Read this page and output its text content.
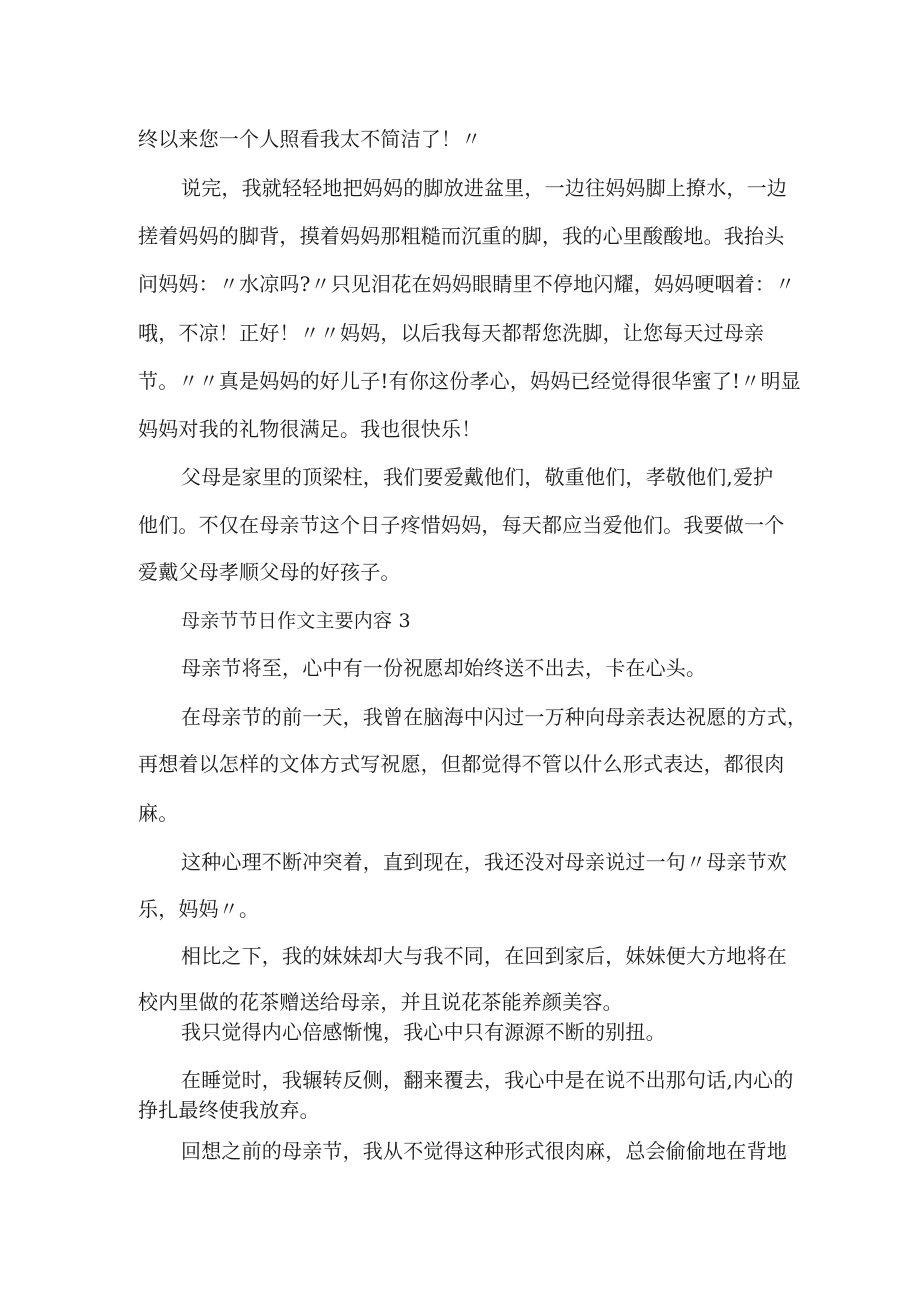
终以来您一个人照看我太不简洁了！〃
说完，我就轻轻地把妈妈的脚放进盆里，一边往妈妈脚上撩水，一边
搓着妈妈的脚背，摸着妈妈那粗糙而沉重的脚，我的心里酸酸地。我抬头
问妈妈：〃水凉吗?〃只见泪花在妈妈眼睛里不停地闪耀，妈妈哽咽着：〃
哦，不凉！正好！〃〃妈妈，以后我每天都帮您洗脚，让您每天过母亲
节。〃〃真是妈妈的好儿子!有你这份孝心，妈妈已经觉得很华蜜了!〃明显
妈妈对我的礼物很满足。我也很快乐！
父母是家里的顶梁柱，我们要爱戴他们，敬重他们，孝敬他们,爱护
他们。不仅在母亲节这个日子疼惜妈妈，每天都应当爱他们。我要做一个
爱戴父母孝顺父母的好孩子。
母亲节节日作文主要内容 3
母亲节将至，心中有一份祝愿却始终送不出去，卡在心头。
在母亲节的前一天，我曾在脑海中闪过一万种向母亲表达祝愿的方式，
再想着以怎样的文体方式写祝愿，但都觉得不管以什么形式表达，都很肉
麻。
这种心理不断冲突着，直到现在，我还没对母亲说过一句〃母亲节欢
乐，妈妈〃。
相比之下，我的妹妹却大与我不同，在回到家后，妹妹便大方地将在
校内里做的花茶赠送给母亲，并且说花茶能养颜美容。
我只觉得内心倍感惭愧，我心中只有源源不断的别扭。
在睡觉时，我辗转反侧，翻来覆去，我心中是在说不出那句话,内心的
挣扎最终使我放弃。
回想之前的母亲节，我从不觉得这种形式很肉麻，总会偷偷地在背地
